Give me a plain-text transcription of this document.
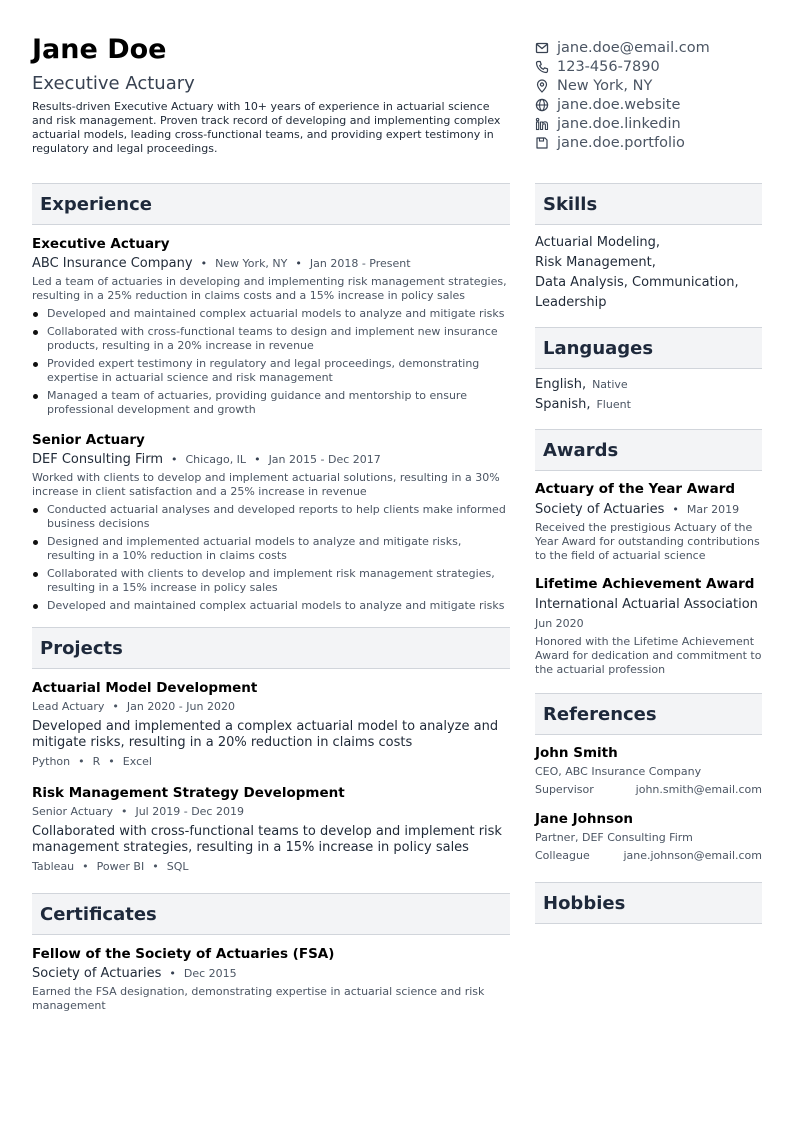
Jane Doe
Executive Actuary
Results-driven Executive Actuary with 10+ years of experience in actuarial science and risk management. Proven track record of developing and implementing complex actuarial models, leading cross-functional teams, and providing expert testimony in regulatory and legal proceedings.
jane.doe@email.com
123-456-7890
New York, NY
jane.doe.website
jane.doe.linkedin
jane.doe.portfolio
Experience
Executive Actuary
ABC Insurance Company • New York, NY • Jan 2018 - Present
Led a team of actuaries in developing and implementing risk management strategies, resulting in a 25% reduction in claims costs and a 15% increase in policy sales
Developed and maintained complex actuarial models to analyze and mitigate risks
Collaborated with cross-functional teams to design and implement new insurance products, resulting in a 20% increase in revenue
Provided expert testimony in regulatory and legal proceedings, demonstrating expertise in actuarial science and risk management
Managed a team of actuaries, providing guidance and mentorship to ensure professional development and growth
Senior Actuary
DEF Consulting Firm • Chicago, IL • Jan 2015 - Dec 2017
Worked with clients to develop and implement actuarial solutions, resulting in a 30% increase in client satisfaction and a 25% increase in revenue
Conducted actuarial analyses and developed reports to help clients make informed business decisions
Designed and implemented actuarial models to analyze and mitigate risks, resulting in a 10% reduction in claims costs
Collaborated with clients to develop and implement risk management strategies, resulting in a 15% increase in policy sales
Developed and maintained complex actuarial models to analyze and mitigate risks
Projects
Actuarial Model Development
Lead Actuary • Jan 2020 - Jun 2020
Developed and implemented a complex actuarial model to analyze and mitigate risks, resulting in a 20% reduction in claims costs
Python • R • Excel
Risk Management Strategy Development
Senior Actuary • Jul 2019 - Dec 2019
Collaborated with cross-functional teams to develop and implement risk management strategies, resulting in a 15% increase in policy sales
Tableau • Power BI • SQL
Certificates
Fellow of the Society of Actuaries (FSA)
Society of Actuaries • Dec 2015
Earned the FSA designation, demonstrating expertise in actuarial science and risk management
Skills
Actuarial Modeling,
Risk Management,
Data Analysis, Communication,
Leadership
Languages
English, Native
Spanish, Fluent
Awards
Actuary of the Year Award
Society of Actuaries • Mar 2019
Received the prestigious Actuary of the Year Award for outstanding contributions to the field of actuarial science
Lifetime Achievement Award
International Actuarial Association
Jun 2020
Honored with the Lifetime Achievement Award for dedication and commitment to the actuarial profession
References
John Smith
CEO, ABC Insurance Company
Supervisor	john.smith@email.com
Jane Johnson
Partner, DEF Consulting Firm
Colleague	jane.johnson@email.com
Hobbies
